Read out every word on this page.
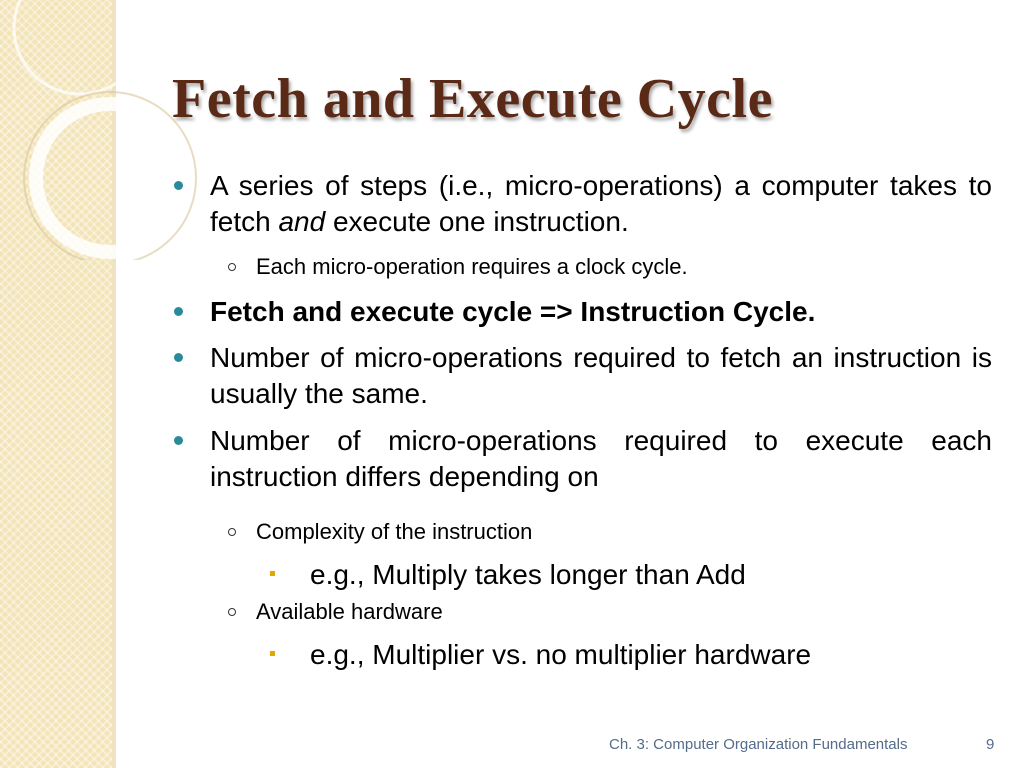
Fetch and Execute Cycle
A series of steps (i.e., micro-operations) a computer takes to fetch and execute one instruction.
Each micro-operation requires a clock cycle.
Fetch and execute cycle => Instruction Cycle.
Number of micro-operations required to fetch an instruction is usually the same.
Number of micro-operations required to execute each instruction differs depending on
Complexity of the instruction
e.g., Multiply takes longer than Add
Available hardware
e.g., Multiplier vs. no multiplier hardware
Ch. 3: Computer Organization Fundamentals	9
